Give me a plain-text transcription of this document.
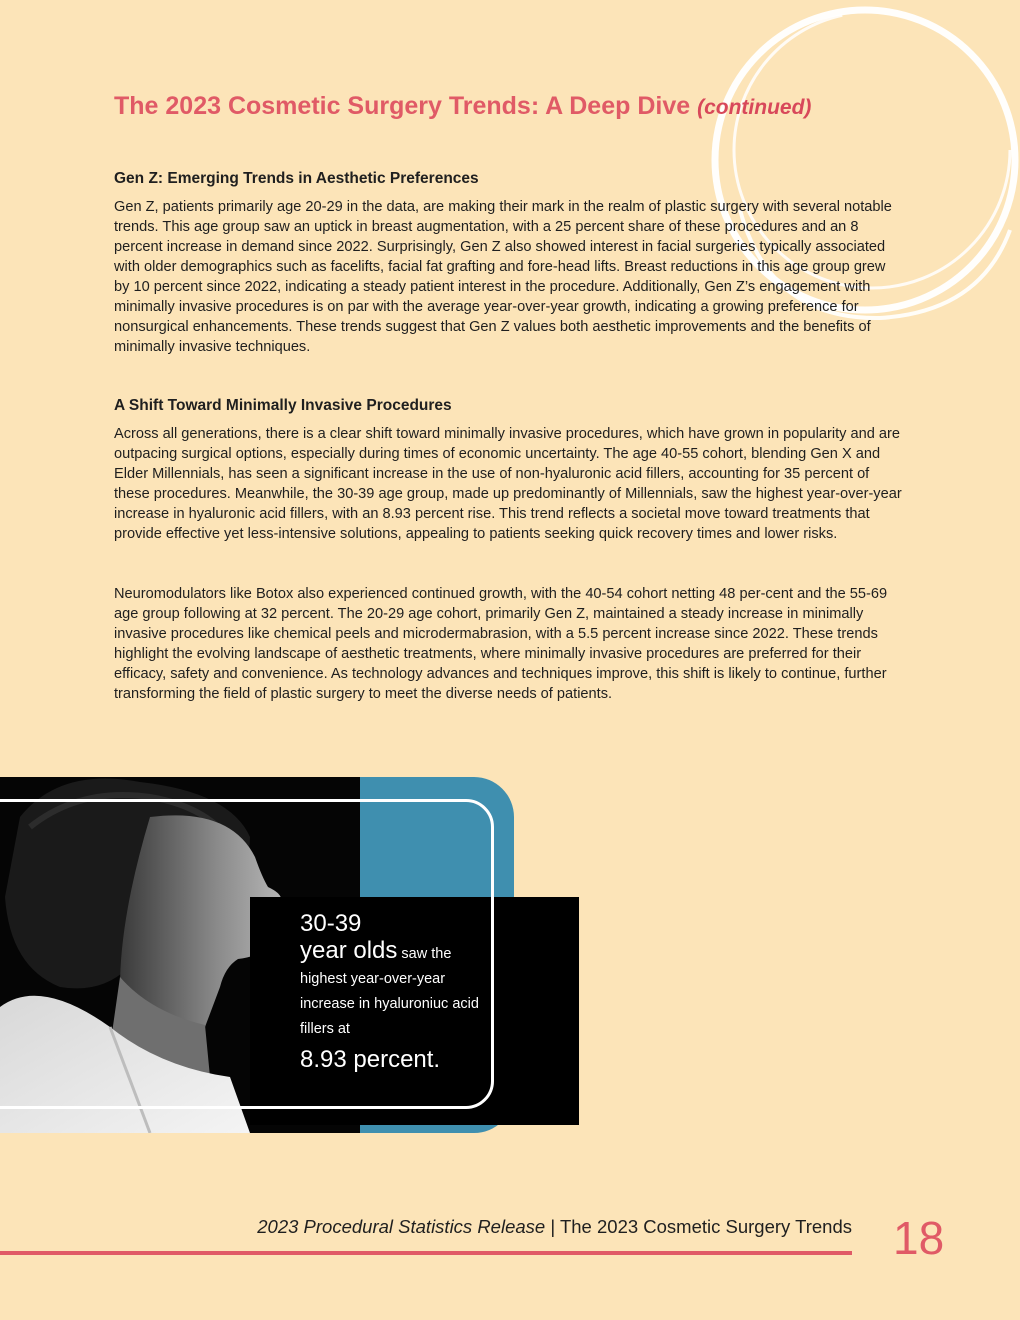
The 2023 Cosmetic Surgery Trends: A Deep Dive (continued)
Gen Z: Emerging Trends in Aesthetic Preferences

Gen Z, patients primarily age 20-29 in the data, are making their mark in the realm of plastic surgery with several notable trends. This age group saw an uptick in breast augmentation, with a 25 percent share of these procedures and an 8 percent increase in demand since 2022. Surprisingly, Gen Z also showed interest in facial surgeries typically associated with older demographics such as facelifts, facial fat grafting and fore-head lifts. Breast reductions in this age group grew by 10 percent since 2022, indicating a steady patient interest in the procedure. Additionally, Gen Z’s engagement with minimally invasive procedures is on par with the average year-over-year growth, indicating a growing preference for nonsurgical enhancements. These trends suggest that Gen Z values both aesthetic improvements and the benefits of minimally invasive techniques.

A Shift Toward Minimally Invasive Procedures

Across all generations, there is a clear shift toward minimally invasive procedures, which have grown in popularity and are outpacing surgical options, especially during times of economic uncertainty. The age 40-55 cohort, blending Gen X and Elder Millennials, has seen a significant increase in the use of non-hyaluronic acid fillers, accounting for 35 percent of these procedures. Meanwhile, the 30-39 age group, made up predominantly of Millennials, saw the highest year-over-year increase in hyaluronic acid fillers, with an 8.93 percent rise. This trend reflects a societal move toward treatments that provide effective yet less-intensive solutions, appealing to patients seeking quick recovery times and lower risks.

Neuromodulators like Botox also experienced continued growth, with the 40-54 cohort netting 48 per-cent and the 55-69 age group following at 32 percent. The 20-29 age cohort, primarily Gen Z, maintained a steady increase in minimally invasive procedures like chemical peels and microdermabrasion, with a 5.5 percent increase since 2022. These trends highlight the evolving landscape of aesthetic treatments, where minimally invasive procedures are preferred for their efficacy, safety and convenience. As technology advances and techniques improve, this shift is likely to continue, further transforming the field of plastic surgery to meet the diverse needs of patients.

30-39
year olds saw the
highest year-over-year increase in hyaluroniuc acid fillers at
8.93 percent.
2023 Procedural Statistics Release | The 2023 Cosmetic Surgery Trends 18
